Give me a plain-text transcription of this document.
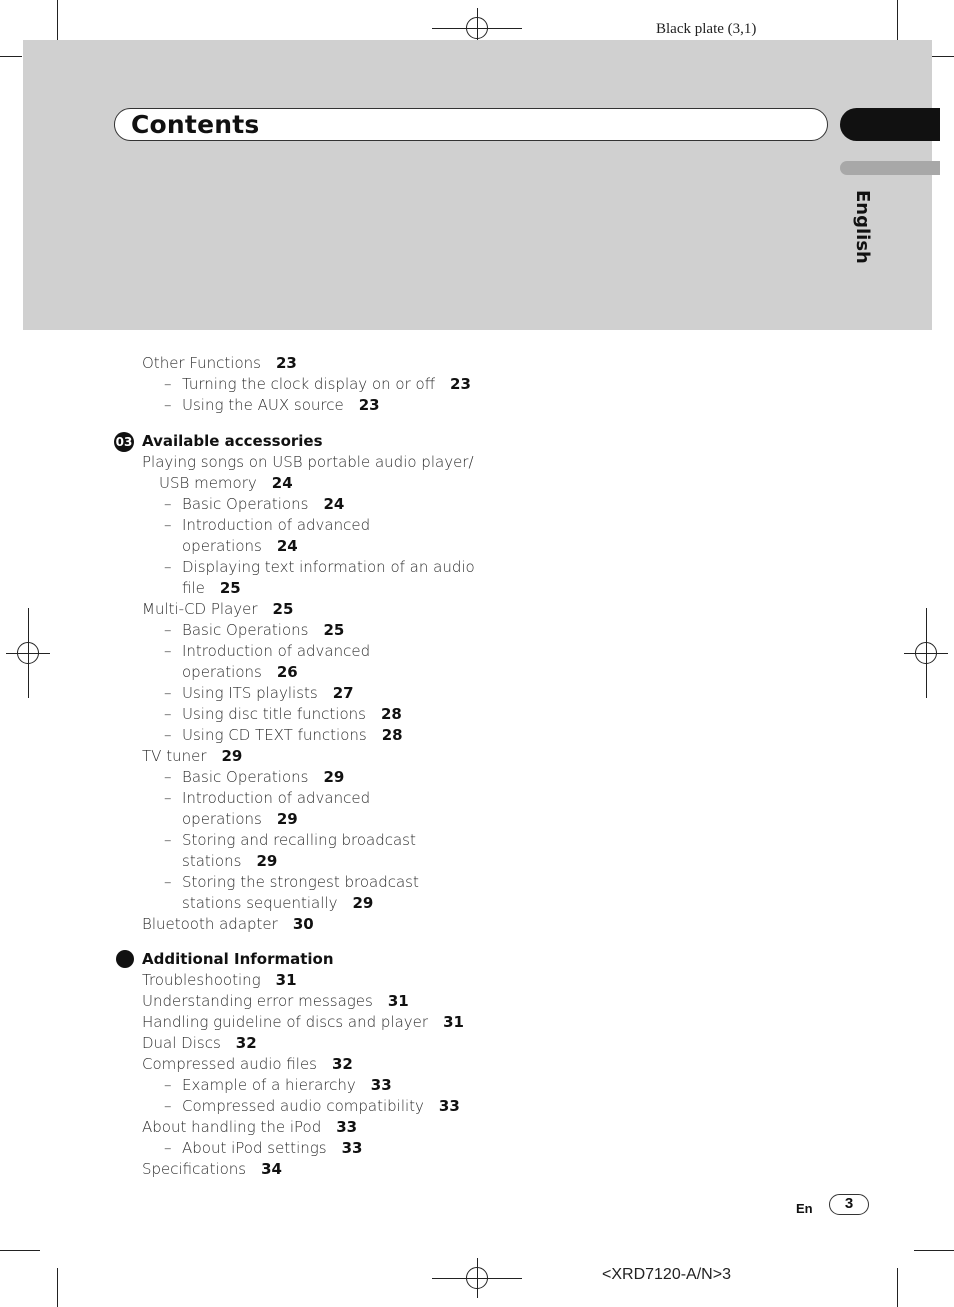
Black plate (3,1)
Contents
English
Other Functions 23
– Turning the clock display on or off 23
– Using the AUX source 23
03 Available accessories
Playing songs on USB portable audio player/
USB memory 24
– Basic Operations 24
– Introduction of advanced
operations 24
– Displaying text information of an audio
file 25
Multi-CD Player 25
– Basic Operations 25
– Introduction of advanced
operations 26
– Using ITS playlists 27
– Using disc title functions 28
– Using CD TEXT functions 28
TV tuner 29
– Basic Operations 29
– Introduction of advanced
operations 29
– Storing and recalling broadcast
stations 29
– Storing the strongest broadcast
stations sequentially 29
Bluetooth adapter 30
Additional Information
Troubleshooting 31
Understanding error messages 31
Handling guideline of discs and player 31
Dual Discs 32
Compressed audio files 32
– Example of a hierarchy 33
– Compressed audio compatibility 33
About handling the iPod 33
– About iPod settings 33
Specifications 34
En	3
<XRD7120-A/N>3
